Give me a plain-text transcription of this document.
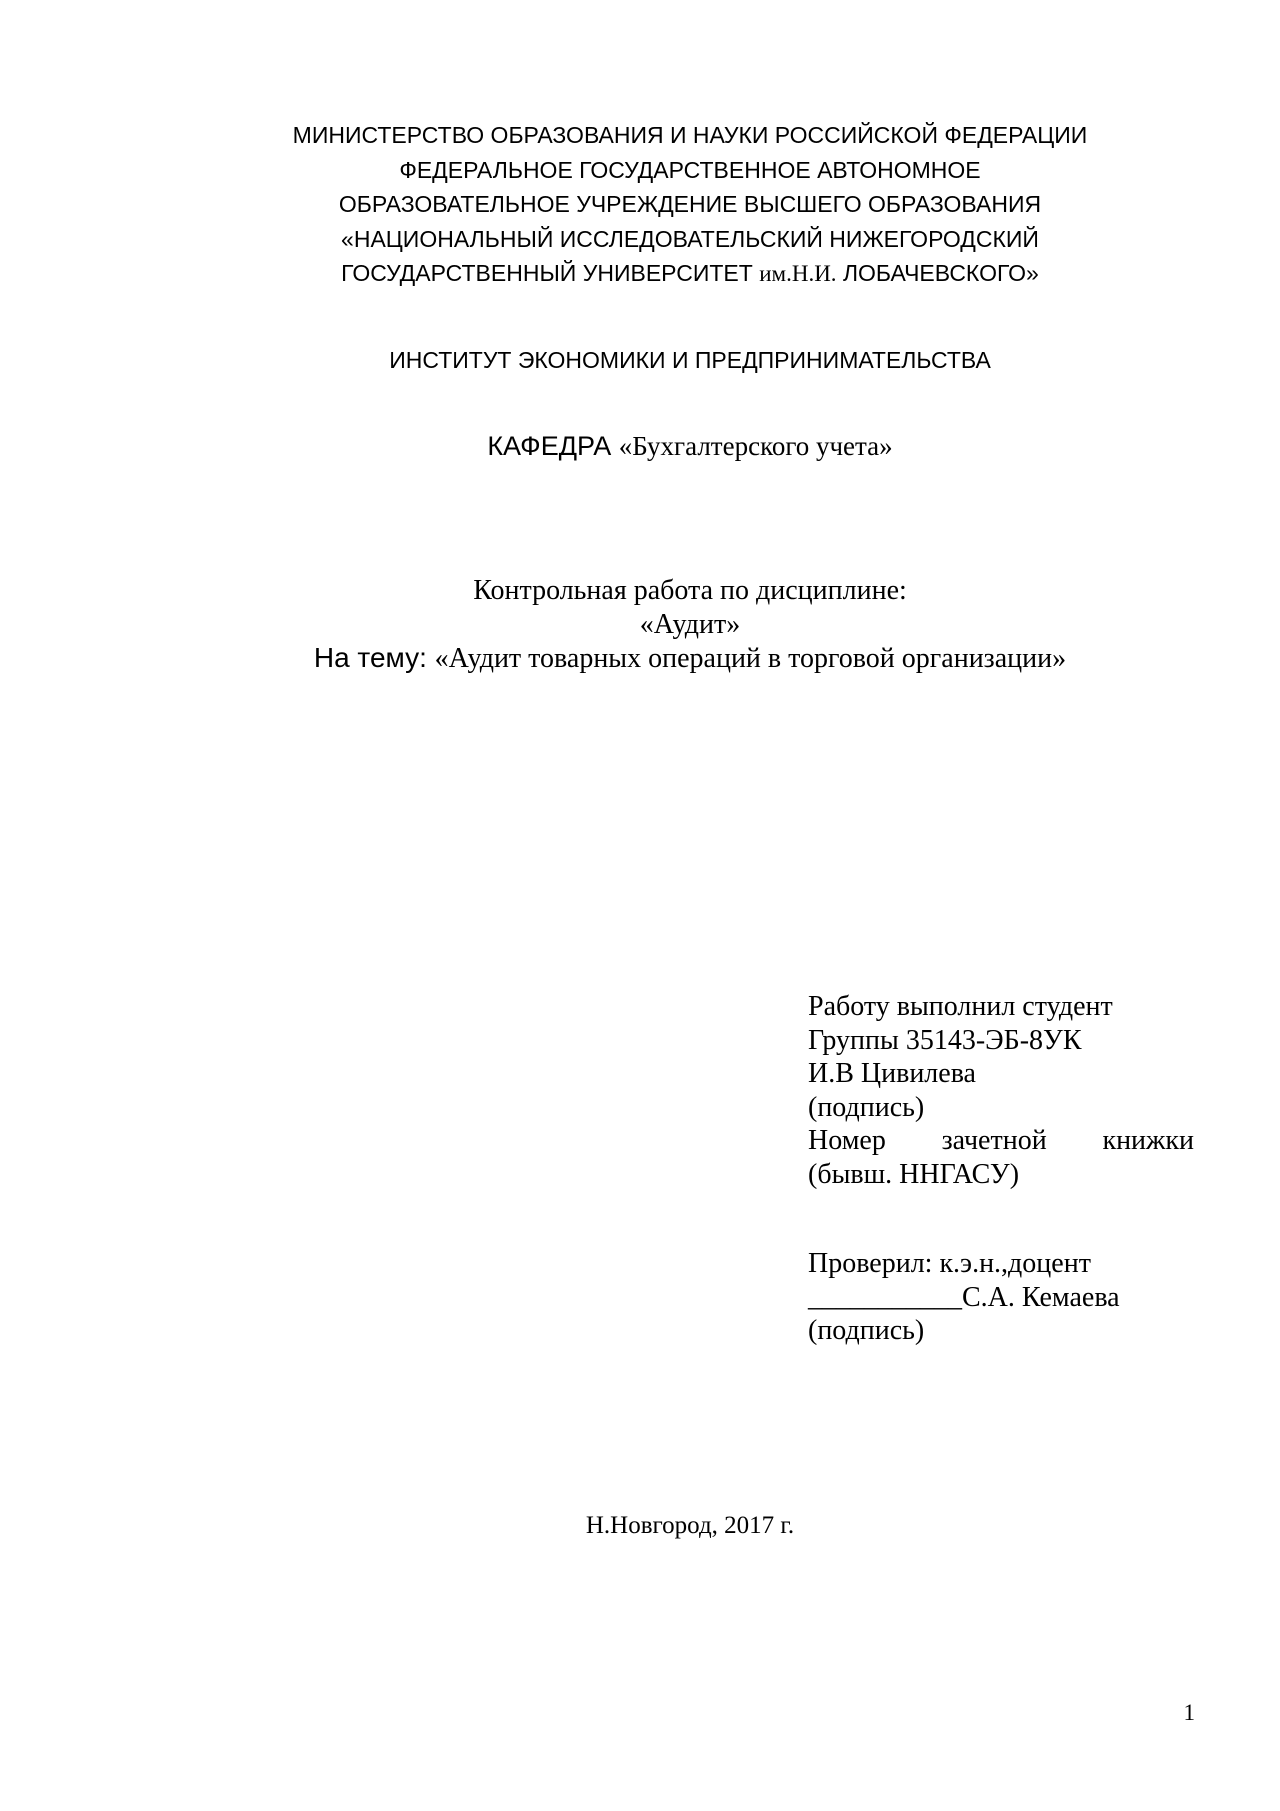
МИНИСТЕРСТВО ОБРАЗОВАНИЯ И НАУКИ РОССИЙСКОЙ ФЕДЕРАЦИИ
ФЕДЕРАЛЬНОЕ ГОСУДАРСТВЕННОЕ АВТОНОМНОЕ
ОБРАЗОВАТЕЛЬНОЕ УЧРЕЖДЕНИЕ ВЫСШЕГО ОБРАЗОВАНИЯ
«НАЦИОНАЛЬНЫЙ ИССЛЕДОВАТЕЛЬСКИЙ НИЖЕГОРОДСКИЙ
ГОСУДАРСТВЕННЫЙ УНИВЕРСИТЕТ им.Н.И. ЛОБАЧЕВСКОГО»
ИНСТИТУТ ЭКОНОМИКИ И ПРЕДПРИНИМАТЕЛЬСТВА
КАФЕДРА «Бухгалтерского учета»
Контрольная работа по дисциплине:
«Аудит»
На тему: «Аудит товарных операций в торговой организации»
Работу выполнил студент
Группы 35143-ЭБ-8УК
И.В Цивилева
(подпись)
Номер зачетной книжки
(бывш. ННГАСУ)
Проверил: к.э.н.,доцент
___________С.А. Кемаева
(подпись)
Н.Новгород, 2017 г.
1
